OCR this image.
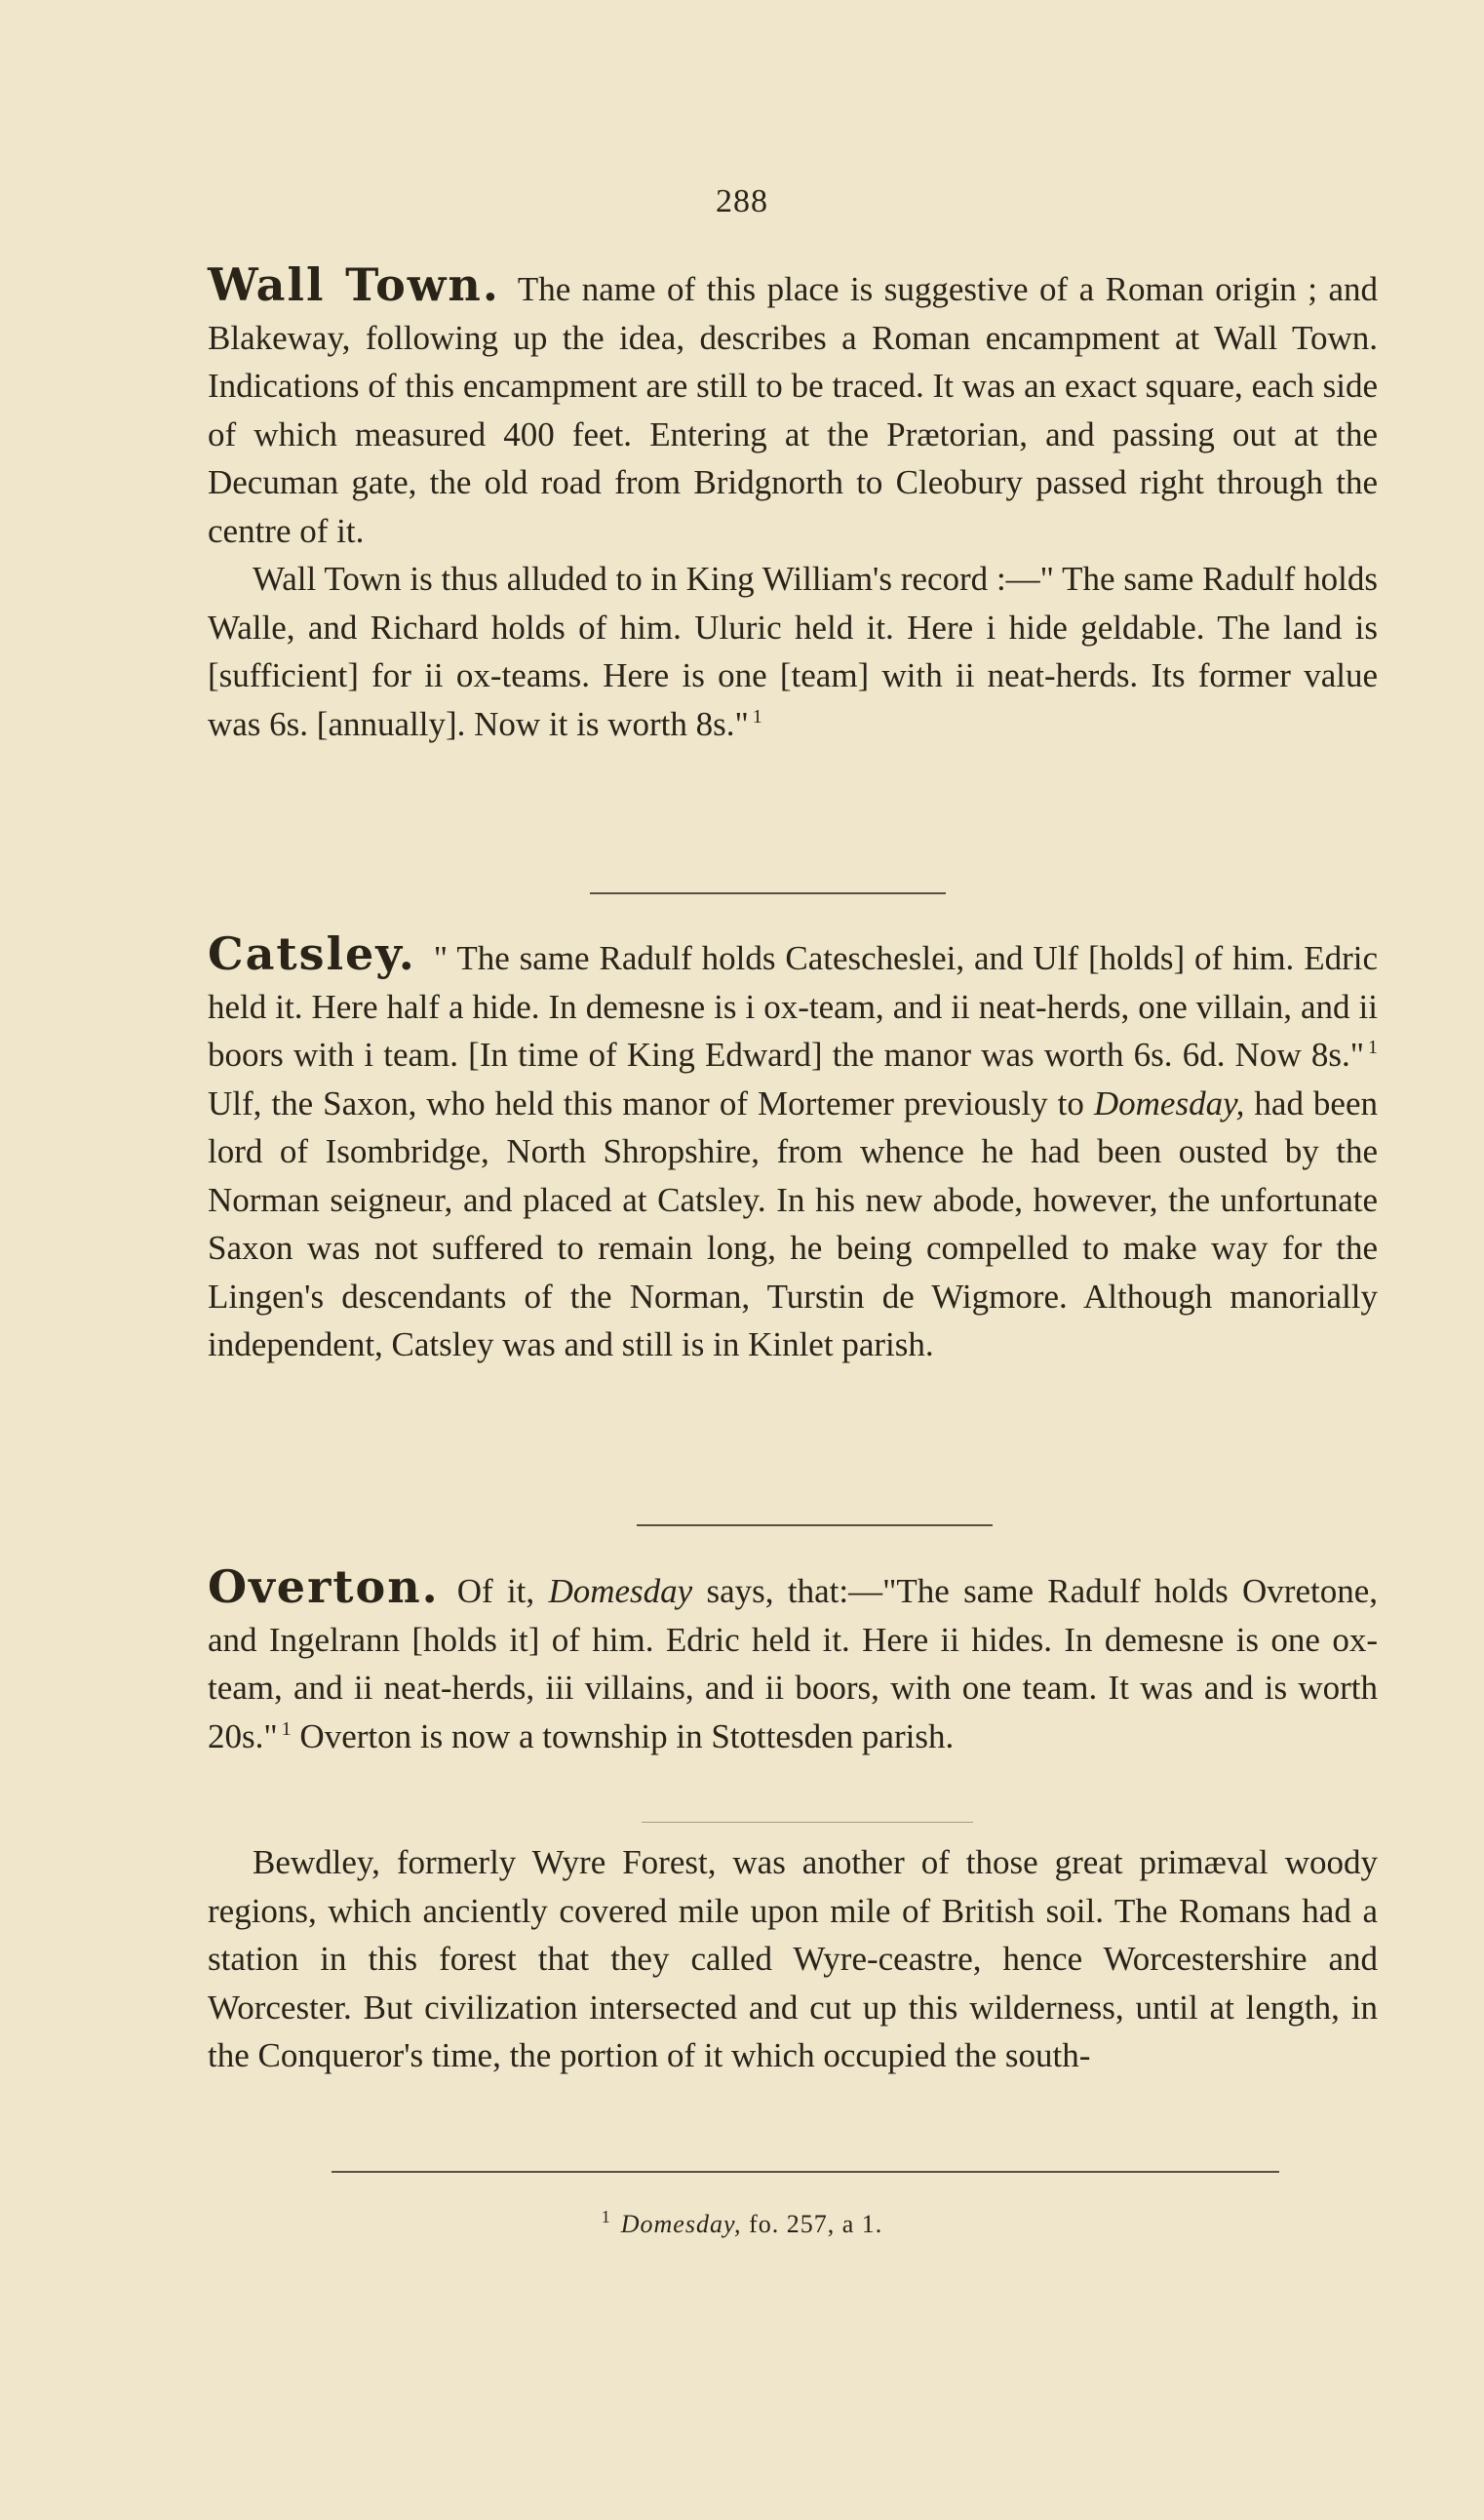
288

Wall Town. The name of this place is suggestive of a Roman origin ; and Blakeway, following up the idea, describes a Roman encampment at Wall Town. Indications of this encampment are still to be traced. It was an exact square, each side of which measured 400 feet. Entering at the Prætorian, and passing out at the Decuman gate, the old road from Bridgnorth to Cleobury passed right through the centre of it.

Wall Town is thus alluded to in King William's record :—" The same Radulf holds Walle, and Richard holds of him. Uluric held it. Here i hide geldable. The land is [sufficient] for ii ox-teams. Here is one [team] with ii neat-herds. Its former value was 6s. [annually]. Now it is worth 8s." $^1$

Catsley. " The same Radulf holds Catescheslei, and Ulf [holds] of him. Edric held it. Here half a hide. In demesne is i ox-team, and ii neat-herds, one villain, and ii boors with i team. [In time of King Edward] the manor was worth 6s. 6d. Now 8s." $^1$ Ulf, the Saxon, who held this manor of Mortemer previously to Domesday, had been lord of Isombridge, North Shropshire, from whence he had been ousted by the Norman seigneur, and placed at Catsley. In his new abode, however, the unfortunate Saxon was not suffered to remain long, he being compelled to make way for the Lingen's descendants of the Norman, Turstin de Wigmore. Although manorially independent, Catsley was and still is in Kinlet parish.

Overton. Of it, Domesday says, that:—"The same Radulf holds Ovretone, and Ingelrann [holds it] of him. Edric held it. Here ii hides. In demesne is one ox-team, and ii neat-herds, iii villains, and ii boors, with one team. It was and is worth 20s." $^1$ Overton is now a township in Stottesden parish.

Bewdley, formerly Wyre Forest, was another of those great primæval woody regions, which anciently covered mile upon mile of British soil. The Romans had a station in this forest that they called Wyre-ceastre, hence Worcestershire and Worcester. But civilization intersected and cut up this wilderness, until at length, in the Conqueror's time, the portion of it which occupied the south-

$^1$ Domesday, fo. 257, a 1.
